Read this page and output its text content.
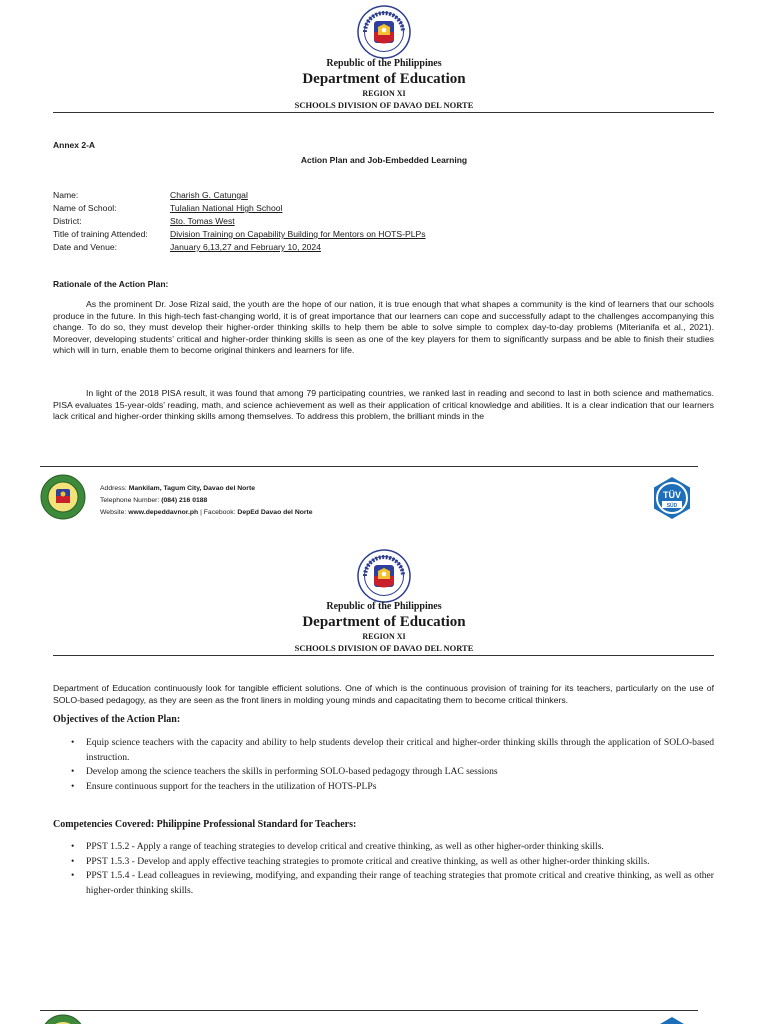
Republic of the Philippines
Department of Education
REGION XI
SCHOOLS DIVISION OF DAVAO DEL NORTE
Annex 2-A
Action Plan and Job-Embedded Learning
Name:	Charish G. Catungal
Name of School:	Tulalian National High School
District:	Sto. Tomas West
Title of training Attended:	Division Training on Capability Building for Mentors on HOTS-PLPs
Date and Venue:	January 6,13,27 and February 10, 2024
Rationale of the Action Plan:
As the prominent Dr. Jose Rizal said, the youth are the hope of our nation, it is true enough that what shapes a community is the kind of learners that our schools produce in the future. In this high-tech fast-changing world, it is of great importance that our learners can cope and successfully adapt to the challenges accompanying this change. To do so, they must develop their higher-order thinking skills to help them be able to solve simple to complex day-to-day problems (Miterianifa et al., 2021). Moreover, developing students’ critical and higher-order thinking skills is seen as one of the key players for them to significantly surpass and be able to finish their studies which will in turn, enable them to become original thinkers and learners for life.
In light of the 2018 PISA result, it was found that among 79 participating countries, we ranked last in reading and second to last in both science and mathematics. PISA evaluates 15-year-olds’ reading, math, and science achievement as well as their application of critical knowledge and abilities. It is a clear indication that our learners lack critical and higher-order thinking skills among themselves. To address this problem, the brilliant minds in the
Address: Mankilam, Tagum City, Davao del Norte
Telephone Number: (084) 216 0188
Website: www.depeddavnor.ph | Facebook: DepEd Davao del Norte
TÜV
SÜD
Republic of the Philippines
Department of Education
REGION XI
SCHOOLS DIVISION OF DAVAO DEL NORTE
Department of Education continuously look for tangible efficient solutions. One of which is the continuous provision of training for its teachers, particularly on the use of SOLO-based pedagogy, as they are seen as the front liners in molding young minds and capacitating them to become critical thinkers.
Objectives of the Action Plan:
• Equip science teachers with the capacity and ability to help students develop their critical and higher-order thinking skills through the application of SOLO-based instruction.
• Develop among the science teachers the skills in performing SOLO-based pedagogy through LAC sessions
• Ensure continuous support for the teachers in the utilization of HOTS-PLPs
Competencies Covered: Philippine Professional Standard for Teachers:
• PPST 1.5.2 - Apply a range of teaching strategies to develop critical and creative thinking, as well as other higher-order thinking skills.
• PPST 1.5.3 - Develop and apply effective teaching strategies to promote critical and creative thinking, as well as other higher-order thinking skills.
• PPST 1.5.4 - Lead colleagues in reviewing, modifying, and expanding their range of teaching strategies that promote critical and creative thinking, as well as other higher-order thinking skills.
